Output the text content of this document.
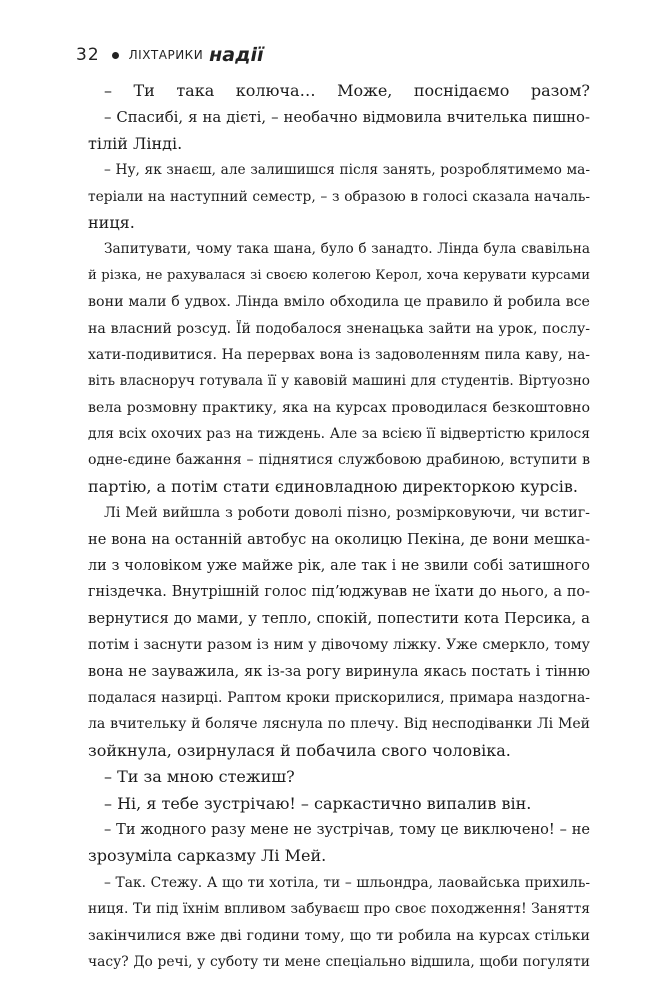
32 ЛІХТАРИКИ надії
– Ти така колюча… Може, поснідаємо разом?
– Спасибі, я на дієті, – необачно відмовила вчителька пишно-
тілій Лінді.
– Ну, як знаєш, але залишишся після занять, розроблятимемо ма-
теріали на наступний семестр, – з образою в голосі сказала началь-
ниця.
Запитувати, чому така шана, було б занадто. Лінда була свавільна
й різка, не рахувалася зі своєю колегою Керол, хоча керувати курсами
вони мали б удвох. Лінда вміло обходила це правило й робила все
на власний розсуд. Їй подобалося зненацька зайти на урок, послу-
хати-подивитися. На перервах вона із задоволенням пила каву, на-
віть власноруч готувала її у кавовій машині для студентів. Віртуозно
вела розмовну практику, яка на курсах проводилася безкоштовно
для всіх охочих раз на тиждень. Але за всією її відвертістю крилося
одне-єдине бажання – піднятися службовою драбиною, вступити в
партію, а потім стати єдиновладною директоркою курсів.
Лі Мей вийшла з роботи доволі пізно, розмірковуючи, чи встиг-
не вона на останній автобус на околицю Пекіна, де вони мешка-
ли з чоловіком уже майже рік, але так і не звили собі затишного
гніздечка. Внутрішній голос підʼюджував не їхати до нього, а по-
вернутися до мами, у тепло, спокій, попестити кота Персика, а
потім і заснути разом із ним у дівочому ліжку. Уже смеркло, тому
вона не зауважила, як із-за рогу виринула якась постать і тінню
подалася назирці. Раптом кроки прискорилися, примара наздогна-
ла вчительку й боляче ляснула по плечу. Від несподіванки Лі Мей
зойкнула, озирнулася й побачила свого чоловіка.
– Ти за мною стежиш?
– Ні, я тебе зустрічаю! – саркастично випалив він.
– Ти жодного разу мене не зустрічав, тому це виключено! – не
зрозуміла сарказму Лі Мей.
– Так. Стежу. А що ти хотіла, ти – шльондра, лаовайська прихиль-
ниця. Ти під їхнім впливом забуваєш про своє походження! Заняття
закінчилися вже дві години тому, що ти робила на курсах стільки
часу? До речі, у суботу ти мене спеціально відшила, щоби погуляти
